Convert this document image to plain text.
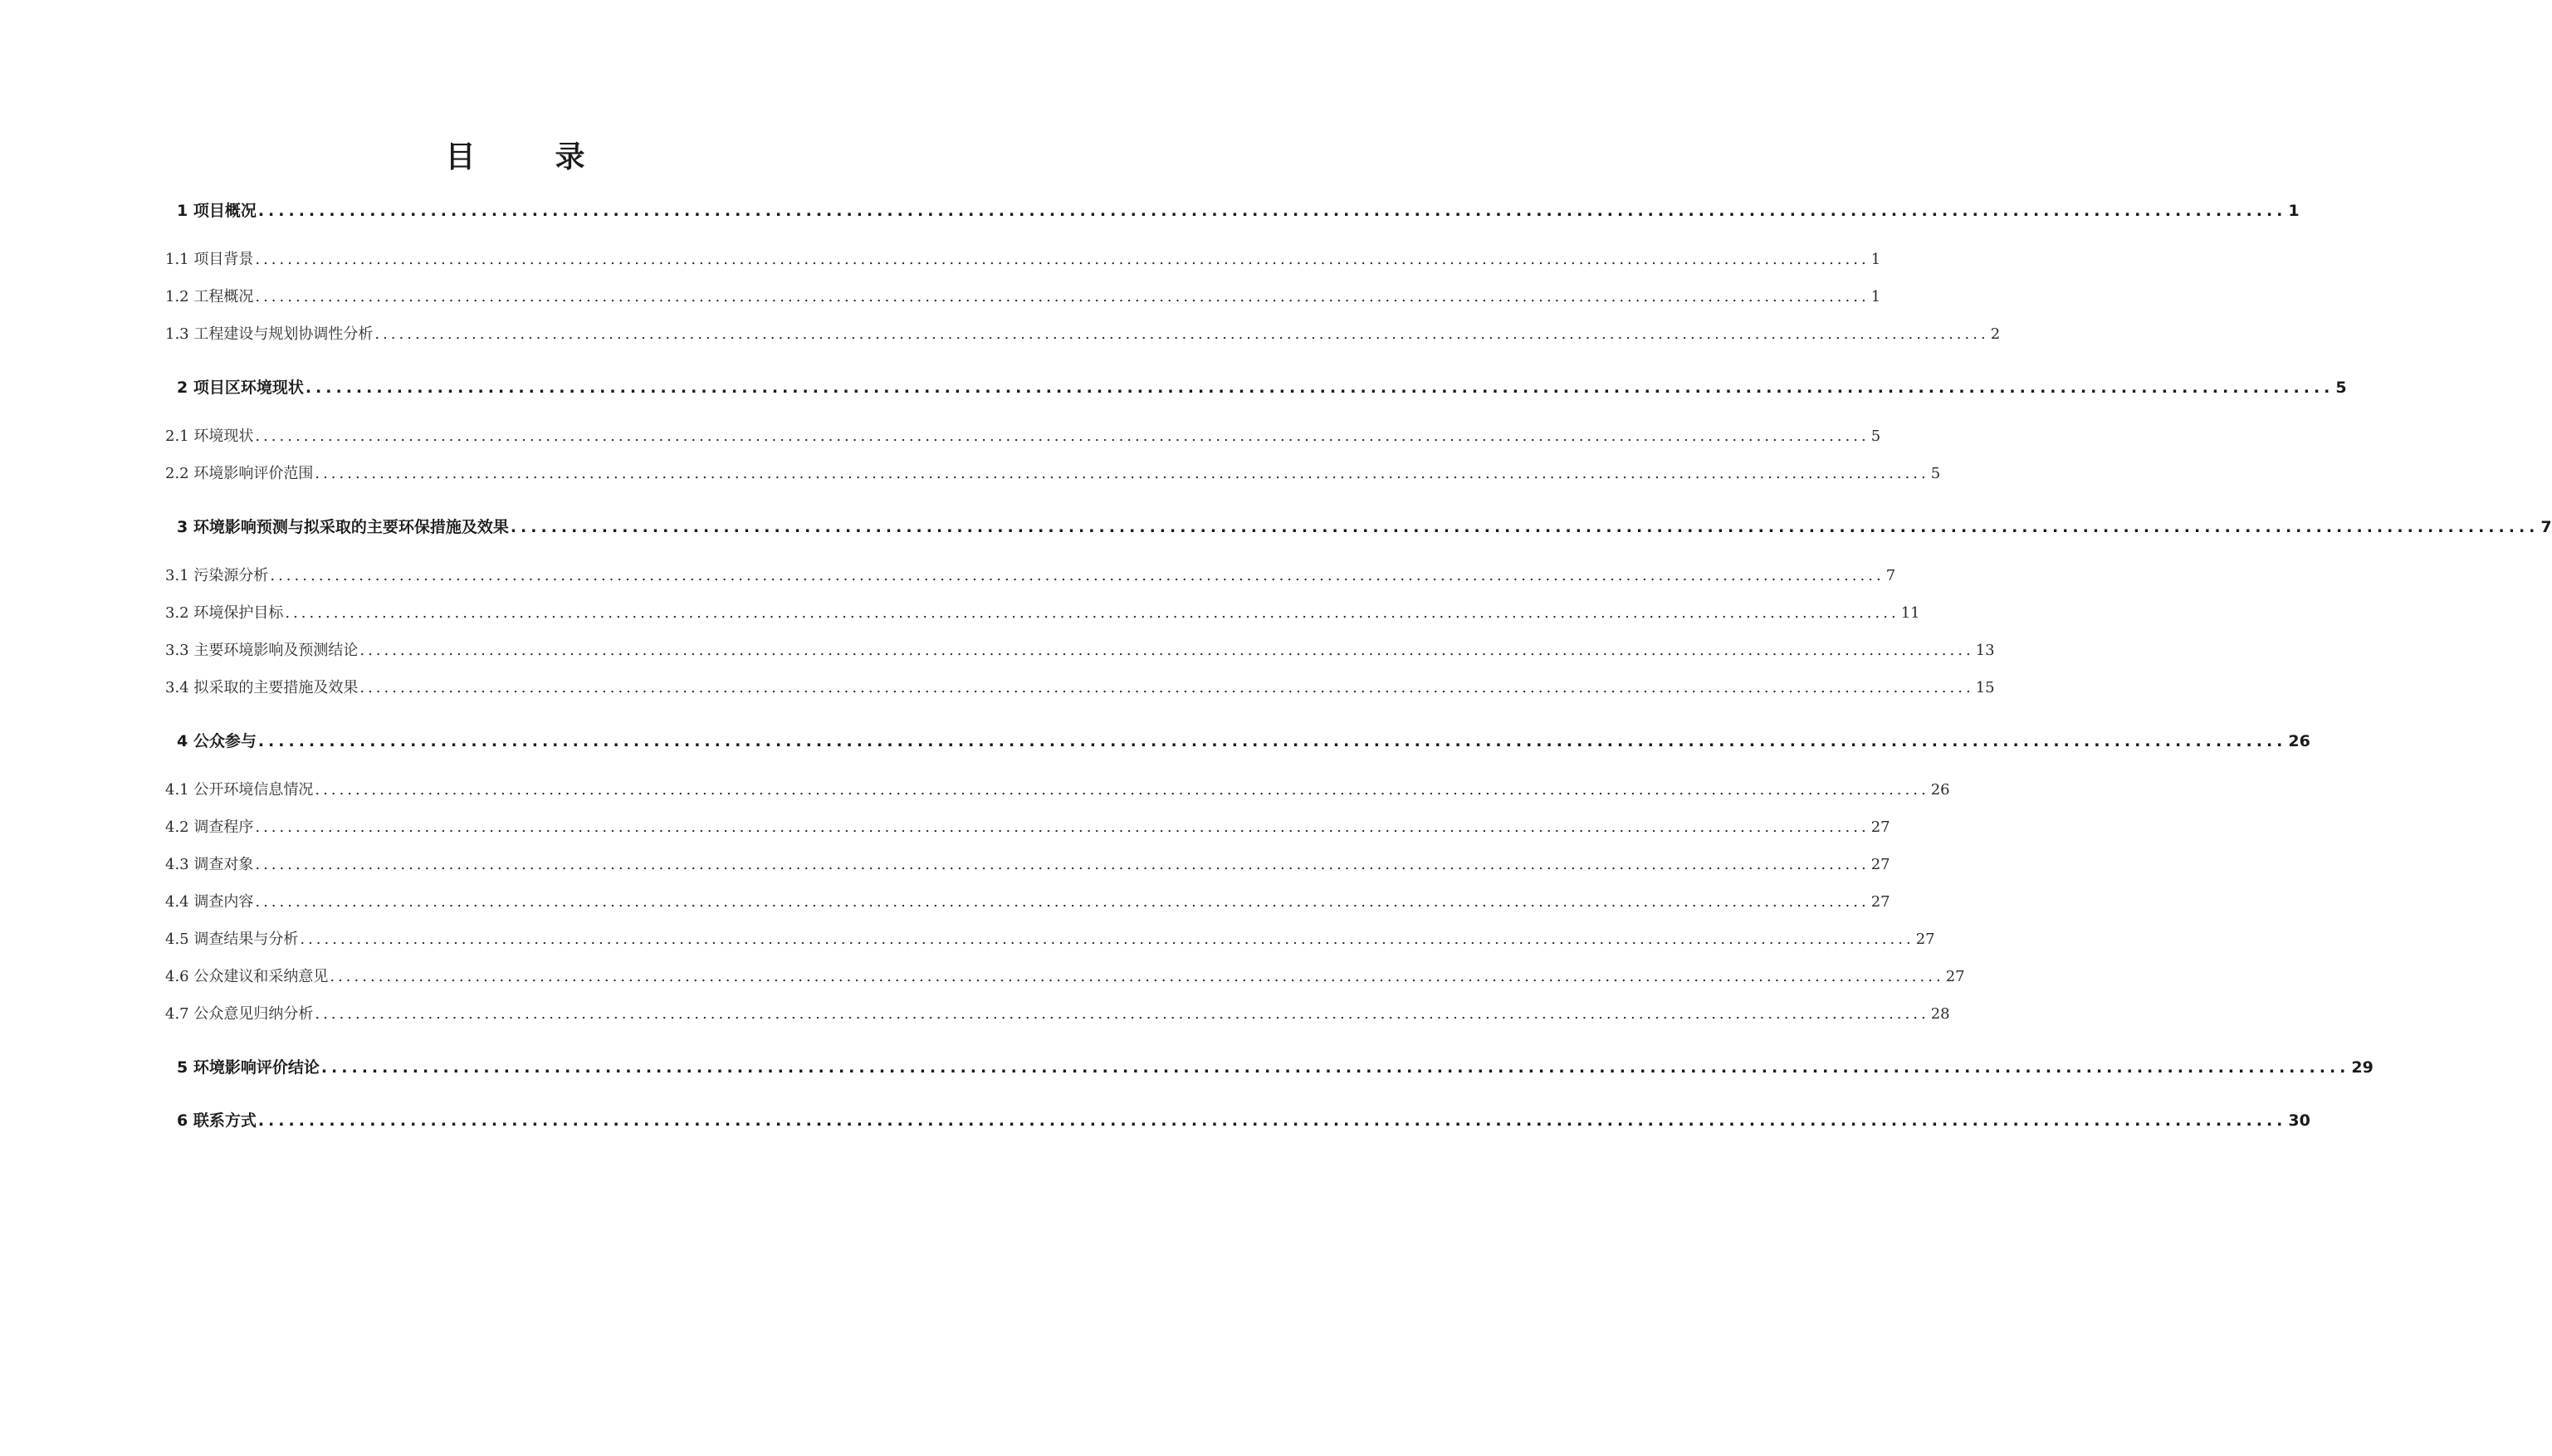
目　录
1 项目概况 ........................................................................................................................................................................................................ 1
1.1 项目背景 ........................................................................................................................................................................................................ 1
1.2 工程概况 ........................................................................................................................................................................................................ 1
1.3 工程建设与规划协调性分析 ........................................................................................................................................................................................................ 2
2 项目区环境现状 ........................................................................................................................................................................................................ 5
2.1 环境现状 ........................................................................................................................................................................................................ 5
2.2 环境影响评价范围 ........................................................................................................................................................................................................ 5
3 环境影响预测与拟采取的主要环保措施及效果 ........................................................................................................................................................................................................ 7
3.1 污染源分析 ........................................................................................................................................................................................................ 7
3.2 环境保护目标 ........................................................................................................................................................................................................ 11
3.3 主要环境影响及预测结论 ........................................................................................................................................................................................................ 13
3.4 拟采取的主要措施及效果 ........................................................................................................................................................................................................ 15
4 公众参与 ........................................................................................................................................................................................................ 26
4.1 公开环境信息情况 ........................................................................................................................................................................................................ 26
4.2 调查程序 ........................................................................................................................................................................................................ 27
4.3 调查对象 ........................................................................................................................................................................................................ 27
4.4 调查内容 ........................................................................................................................................................................................................ 27
4.5 调查结果与分析 ........................................................................................................................................................................................................ 27
4.6 公众建议和采纳意见 ........................................................................................................................................................................................................ 27
4.7 公众意见归纳分析 ........................................................................................................................................................................................................ 28
5 环境影响评价结论 ........................................................................................................................................................................................................ 29
6 联系方式 ........................................................................................................................................................................................................ 30
